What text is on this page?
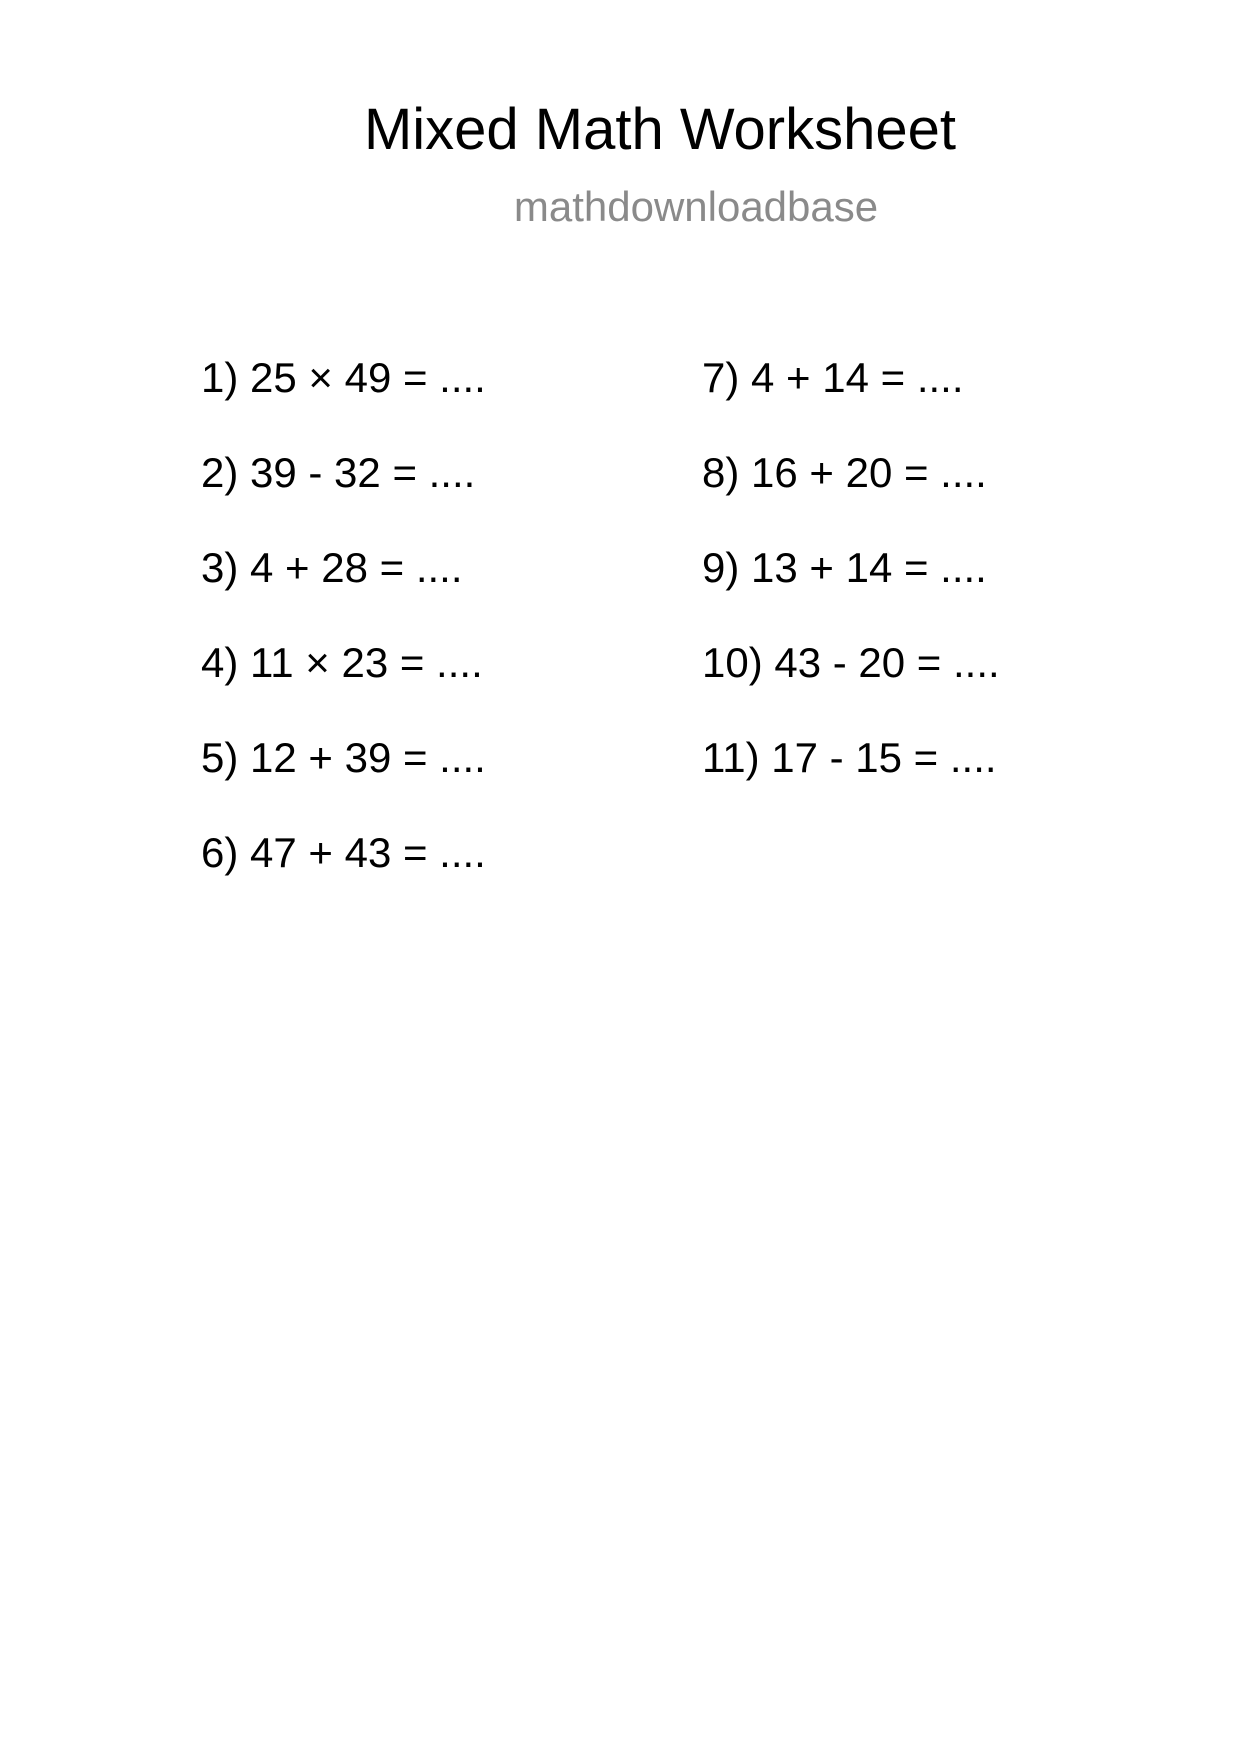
Mixed Math Worksheet
mathdownloadbase
1) 25 × 49 = ....
2) 39 - 32 = ....
3) 4 + 28 = ....
4) 11 × 23 = ....
5) 12 + 39 = ....
6) 47 + 43 = ....
7) 4 + 14 = ....
8) 16 + 20 = ....
9) 13 + 14 = ....
10) 43 - 20 = ....
11) 17 - 15 = ....
